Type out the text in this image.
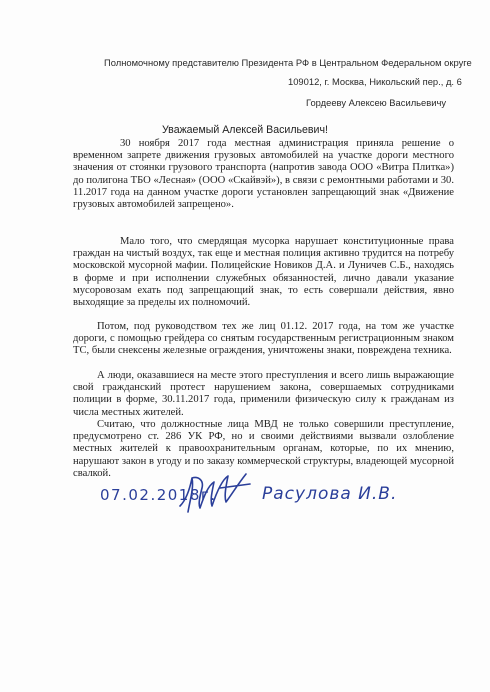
Полномочному представителю Президента РФ в Центральном Федеральном округе
109012, г. Москва, Никольский пер., д. 6
Гордееву Алексею Васильевичу
Уважаемый Алексей Васильевич!

30 ноября 2017 года местная администрация приняла решение о временном запрете движения грузовых автомобилей на участке дороги местного значения от стоянки грузового транспорта (напротив завода ООО «Витра Плитка») до полигона ТБО «Лесная» (ООО «Скайвэй»), в связи с ремонтными работами и 30. 11.2017 года на данном участке дороги установлен запрещающий знак «Движение грузовых автомобилей запрещено».

Мало того, что смердящая мусорка нарушает конституционные права граждан на чистый воздух, так еще и местная полиция активно трудится на потребу московской мусорной мафии. Полицейские Новиков Д.А. и Луничев С.Б., находясь в форме и при исполнении служебных обязанностей, лично давали указание мусоровозам ехать под запрещающий знак, то есть совершали действия, явно выходящие за пределы их полномочий.

Потом, под руководством тех же лиц 01.12. 2017 года, на том же участке дороги, с помощью грейдера со снятым государственным регистрационным знаком ТС, были снексены железные ограждения, уничтожены знаки, повреждена техника.

А люди, оказавшиеся на месте этого преступления и всего лишь выражающие свой гражданский протест нарушением закона, совершаемых сотрудниками полиции в форме, 30.11.2017 года, применили физическую силу к гражданам из числа местных жителей.

Считаю, что должностные лица МВД не только совершили преступление, предусмотрено ст. 286 УК РФ, но и своими действиями вызвали озлобление местных жителей к правоохранительным органам, которые, по их мнению, нарушают закон в угоду и по заказу коммерческой структуры, владеющей мусорной свалкой.

07.02.2018г.	Расулова И.В.
